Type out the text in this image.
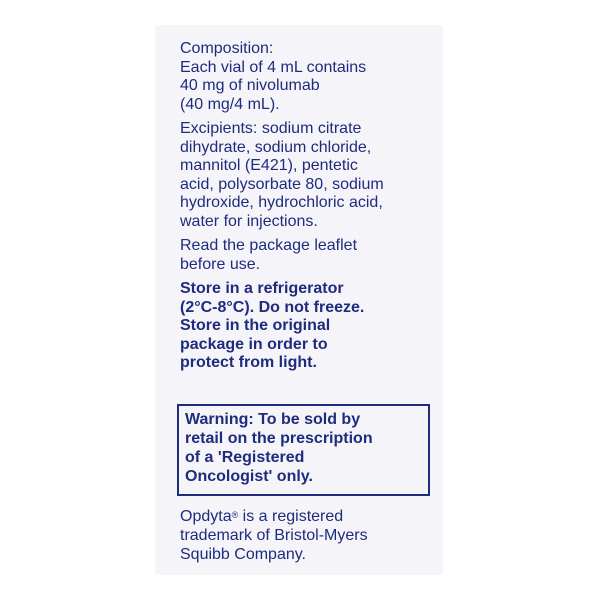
Composition:
Each vial of 4 mL contains
40 mg of nivolumab
(40 mg/4 mL).

Excipients: sodium citrate
dihydrate, sodium chloride,
mannitol (E421), pentetic
acid, polysorbate 80, sodium
hydroxide, hydrochloric acid,
water for injections.

Read the package leaflet
before use.

Store in a refrigerator
(2°C-8°C). Do not freeze.
Store in the original
package in order to
protect from light.

Warning: To be sold by
retail on the prescription
of a 'Registered
Oncologist' only.
Opdyta® is a registered
trademark of Bristol-Myers
Squibb Company.
